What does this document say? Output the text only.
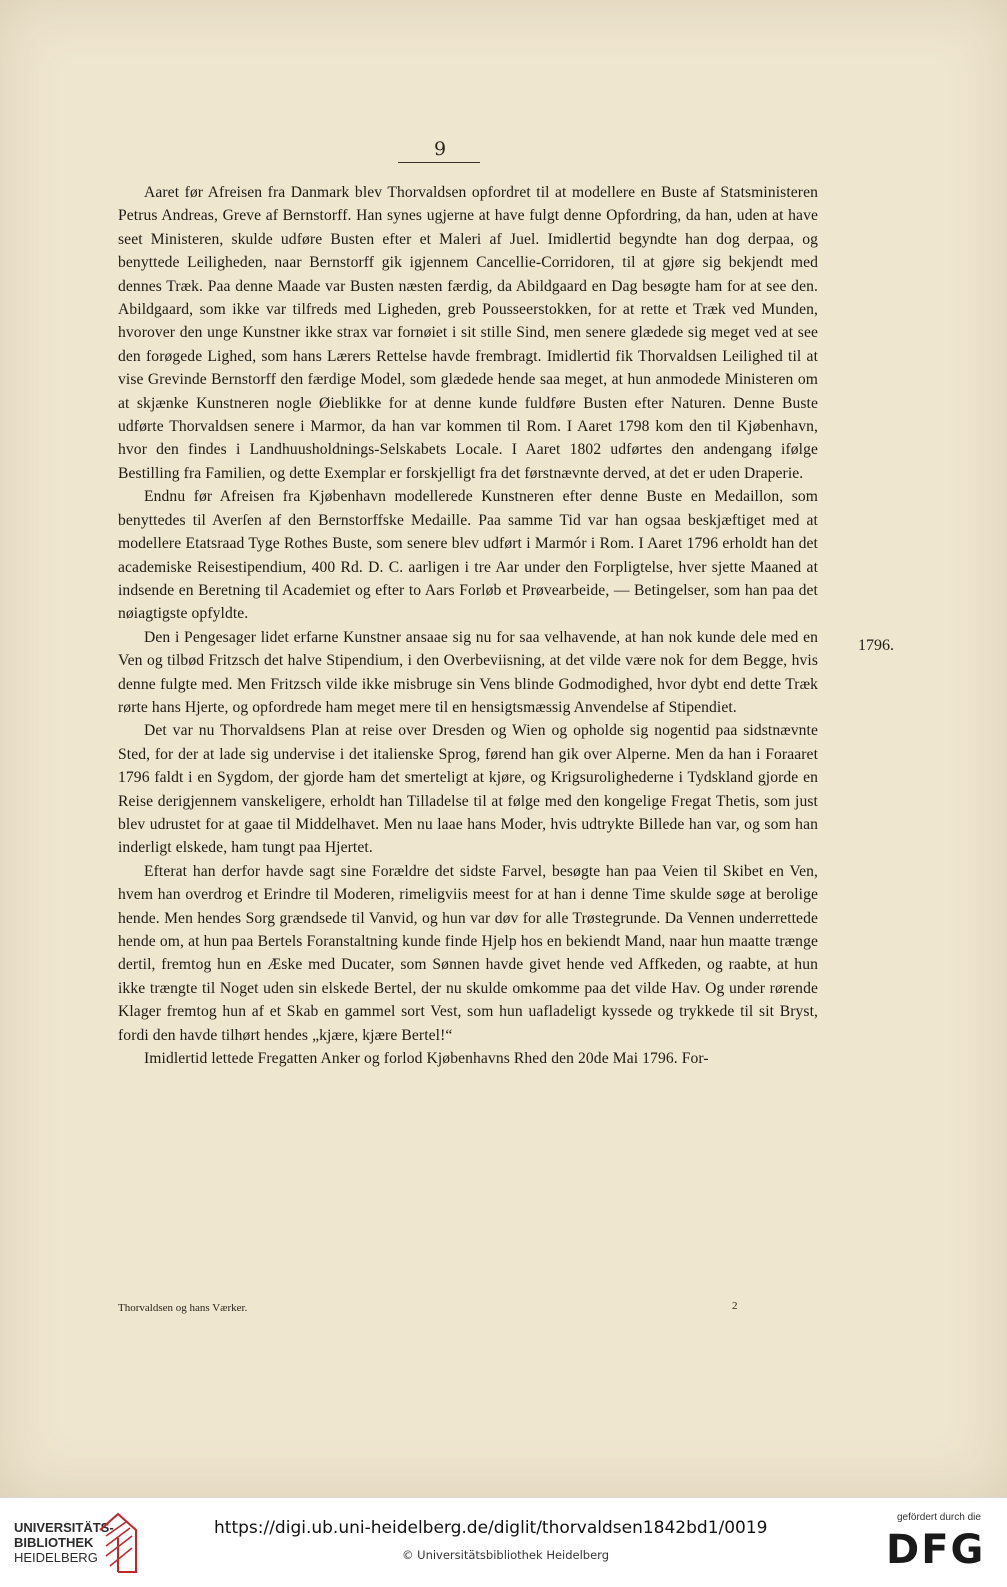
9

Aaret før Afreisen fra Danmark blev Thorvaldsen opfordret til at modellere en Buste af Statsministeren Petrus Andreas, Greve af Bernstorff. Han synes ugjerne at have fulgt denne Opfordring, da han, uden at have seet Ministeren, skulde udføre Busten efter et Maleri af Juel. Imidlertid begyndte han dog derpaa, og benyttede Leiligheden, naar Bernstorff gik igjennem Cancellie-Corridoren, til at gjøre sig bekjendt med dennes Træk. Paa denne Maade var Busten næsten færdig, da Abildgaard en Dag besøgte ham for at see den. Abildgaard, som ikke var tilfreds med Ligheden, greb Pousseerstokken, for at rette et Træk ved Munden, hvorover den unge Kunstner ikke strax var fornøiet i sit stille Sind, men senere glædede sig meget ved at see den forøgede Lighed, som hans Lærers Rettelse havde frembragt. Imidlertid fik Thorvaldsen Leilighed til at vise Grevinde Bernstorff den færdige Model, som glædede hende saa meget, at hun anmodede Ministeren om at skjænke Kunstneren nogle Øieblikke for at denne kunde fuldføre Busten efter Naturen. Denne Buste udførte Thorvaldsen senere i Marmor, da han var kommen til Rom. I Aaret 1798 kom den til Kjøbenhavn, hvor den findes i Landhuusholdnings-Selskabets Locale. I Aaret 1802 udførtes den andengang ifølge Bestilling fra Familien, og dette Exemplar er forskjelligt fra det førstnævnte derved, at det er uden Draperie.

Endnu før Afreisen fra Kjøbenhavn modellerede Kunstneren efter denne Buste en Medaillon, som benyttedes til Averſen af den Bernstorffske Medaille. Paa samme Tid var han ogsaa beskjæftiget med at modellere Etatsraad Tyge Rothes Buste, som senere blev udført i Marmór i Rom. I Aaret 1796 erholdt han det academiske Reisestipendium, 400 Rd. D. C. aarligen i tre Aar under den Forpligtelse, hver sjette Maaned at indsende en Beretning til Academiet og efter to Aars Forløb et Prøvearbeide, — Betingelser, som han paa det nøiagtigste opfyldte.

Den i Pengesager lidet erfarne Kunstner ansaae sig nu for saa velhavende, at han nok kunde dele med en Ven og tilbød Fritzsch det halve Stipendium, i den Overbeviisning, at det vilde være nok for dem Begge, hvis denne fulgte med. Men Fritzsch vilde ikke misbruge sin Vens blinde Godmodighed, hvor dybt end dette Træk rørte hans Hjerte, og opfordrede ham meget mere til en hensigtsmæssig Anvendelse af Stipendiet.

Det var nu Thorvaldsens Plan at reise over Dresden og Wien og opholde sig nogentid paa sidstnævnte Sted, for der at lade sig undervise i det italienske Sprog, førend han gik over Alperne. Men da han i Foraaret 1796 faldt i en Sygdom, der gjorde ham det smerteligt at kjøre, og Krigsurolighederne i Tydskland gjorde en Reise derigjennem vanskeligere, erholdt han Tilladelse til at følge med den kongelige Fregat Thetis, som just blev udrustet for at gaae til Middelhavet. Men nu laae hans Moder, hvis udtrykte Billede han var, og som han inderligt elskede, ham tungt paa Hjertet.

Efterat han derfor havde sagt sine Forældre det sidste Farvel, besøgte han paa Veien til Skibet en Ven, hvem han overdrog et Erindre til Moderen, rimeligviis meest for at han i denne Time skulde søge at berolige hende. Men hendes Sorg grændsede til Vanvid, og hun var døv for alle Trøstegrunde. Da Vennen underrettede hende om, at hun paa Bertels Foranstaltning kunde finde Hjelp hos en bekiendt Mand, naar hun maatte trænge dertil, fremtog hun en Æske med Ducater, som Sønnen havde givet hende ved Affkeden, og raabte, at hun ikke trængte til Noget uden sin elskede Bertel, der nu skulde omkomme paa det vilde Hav. Og under rørende Klager fremtog hun af et Skab en gammel sort Vest, som hun uafladeligt kyssede og trykkede til sit Bryst, fordi den havde tilhørt hendes „kjære, kjære Bertel!“

Imidlertid lettede Fregatten Anker og forlod Kjøbenhavns Rhed den 20de Mai 1796. For-

1796.
Thorvaldsen og hans Værker.	2
UNIVERSITÄTS-
BIBLIOTHEK
HEIDELBERG
https://digi.ub.uni-heidelberg.de/diglit/thorvaldsen1842bd1/0019
© Universitätsbibliothek Heidelberg
gefördert durch die
DFG
